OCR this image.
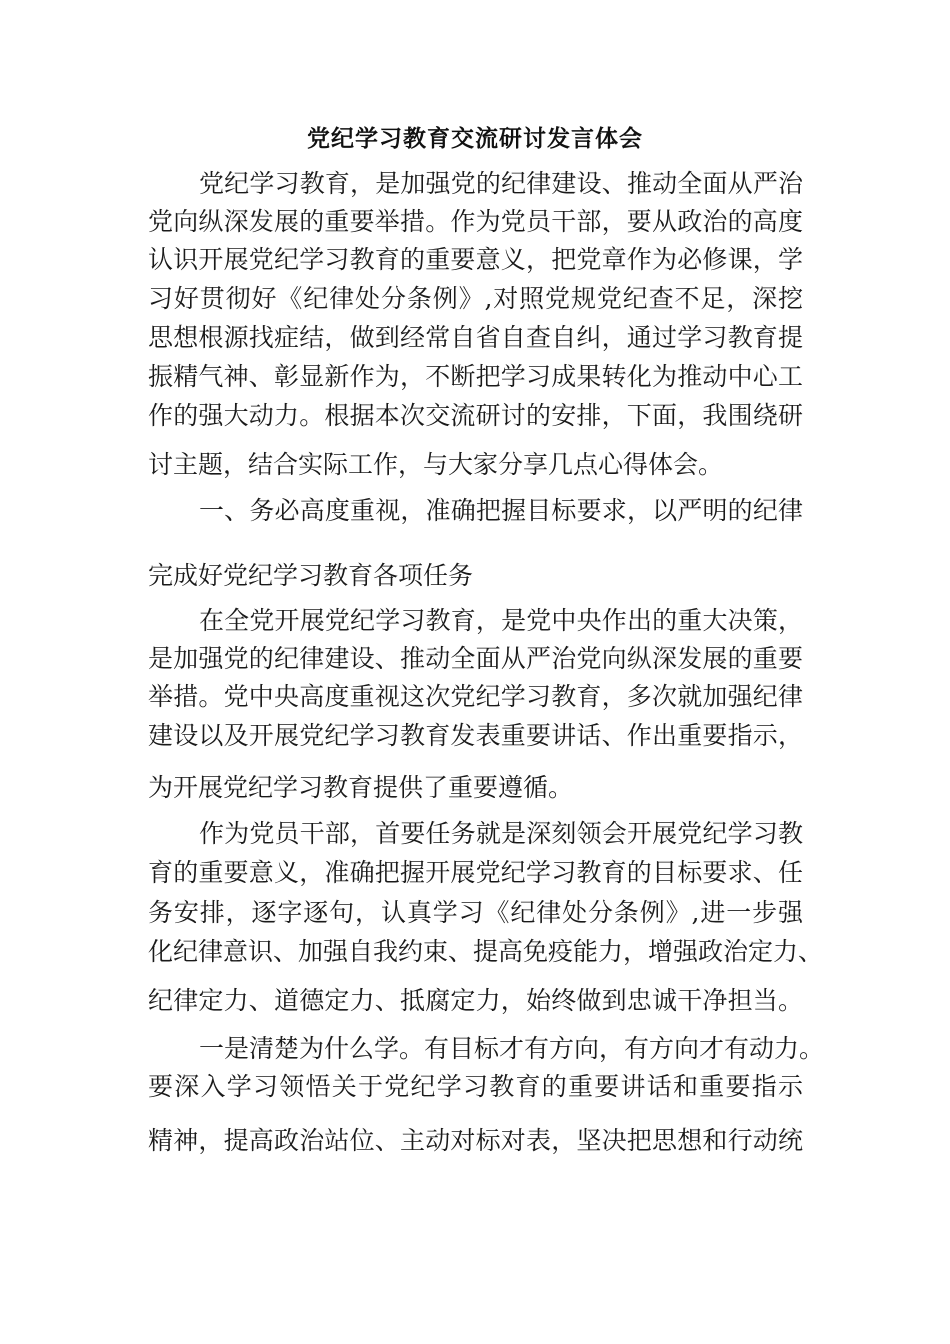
党纪学习教育交流研讨发言体会
党纪学习教育，是加强党的纪律建设、推动全面从严治
党向纵深发展的重要举措。作为党员干部，要从政治的高度
认识开展党纪学习教育的重要意义，把党章作为必修课，学
习好贯彻好《纪律处分条例》,对照党规党纪查不足，深挖
思想根源找症结，做到经常自省自查自纠，通过学习教育提
振精气神、彰显新作为，不断把学习成果转化为推动中心工
作的强大动力。根据本次交流研讨的安排，下面，我围绕研
讨主题，结合实际工作，与大家分享几点心得体会。
一、务必高度重视，准确把握目标要求，以严明的纪律
完成好党纪学习教育各项任务
在全党开展党纪学习教育，是党中央作出的重大决策，
是加强党的纪律建设、推动全面从严治党向纵深发展的重要
举措。党中央高度重视这次党纪学习教育，多次就加强纪律
建设以及开展党纪学习教育发表重要讲话、作出重要指示，
为开展党纪学习教育提供了重要遵循。
作为党员干部，首要任务就是深刻领会开展党纪学习教
育的重要意义，准确把握开展党纪学习教育的目标要求、任
务安排，逐字逐句，认真学习《纪律处分条例》,进一步强
化纪律意识、加强自我约束、提高免疫能力，增强政治定力、
纪律定力、道德定力、抵腐定力，始终做到忠诚干净担当。
一是清楚为什么学。有目标才有方向，有方向才有动力。
要深入学习领悟关于党纪学习教育的重要讲话和重要指示
精神，提高政治站位、主动对标对表，坚决把思想和行动统
